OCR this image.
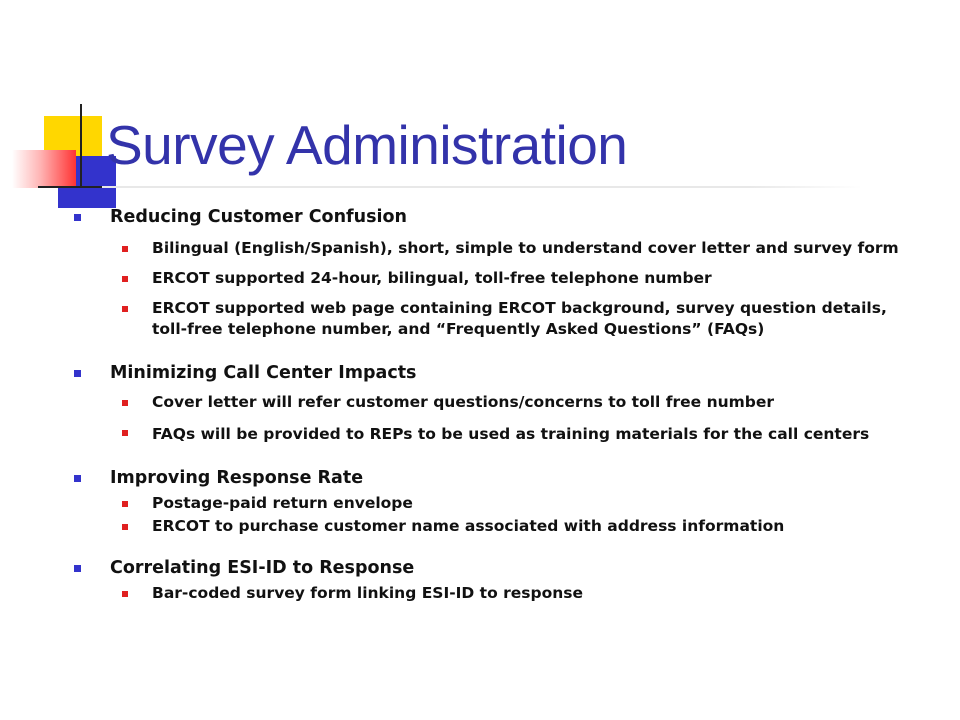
Survey Administration
Reducing Customer Confusion
Bilingual (English/Spanish), short, simple to understand cover letter and survey form
ERCOT supported 24-hour, bilingual, toll-free telephone number
ERCOT supported web page containing ERCOT background, survey question details, toll-free telephone number, and “Frequently Asked Questions” (FAQs)
Minimizing Call Center Impacts
Cover letter will refer customer questions/concerns to toll free number
FAQs will be provided to REPs to be used as training materials for the call centers
Improving Response Rate
Postage-paid return envelope
ERCOT to purchase customer name associated with address information
Correlating ESI-ID to Response
Bar-coded survey form linking ESI-ID to response
